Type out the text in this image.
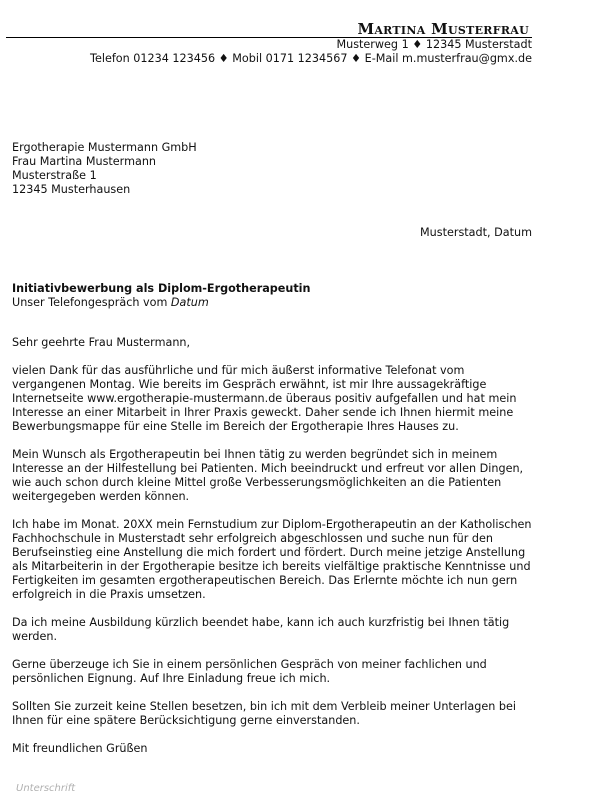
Martina Musterfrau
Musterweg 1 ♦ 12345 Musterstadt
Telefon 01234 123456 ♦ Mobil 0171 1234567 ♦ E-Mail m.musterfrau@gmx.de
Ergotherapie Mustermann GmbH
Frau Martina Mustermann
Musterstraße 1
12345 Musterhausen
Musterstadt, Datum
Initiativbewerbung als Diplom-Ergotherapeutin
Unser Telefongespräch vom Datum

Sehr geehrte Frau Mustermann,

vielen Dank für das ausführliche und für mich äußerst informative Telefonat vom vergangenen Montag. Wie bereits im Gespräch erwähnt, ist mir Ihre aussagekräftige Internetseite www.ergotherapie-mustermann.de überaus positiv aufgefallen und hat mein Interesse an einer Mitarbeit in Ihrer Praxis geweckt. Daher sende ich Ihnen hiermit meine Bewerbungsmappe für eine Stelle im Bereich der Ergotherapie Ihres Hauses zu.

Mein Wunsch als Ergotherapeutin bei Ihnen tätig zu werden begründet sich in meinem Interesse an der Hilfestellung bei Patienten. Mich beeindruckt und erfreut vor allen Dingen, wie auch schon durch kleine Mittel große Verbesserungsmöglichkeiten an die Patienten weitergegeben werden können.

Ich habe im Monat. 20XX mein Fernstudium zur Diplom-Ergotherapeutin an der Katholischen Fachhochschule in Musterstadt sehr erfolgreich abgeschlossen und suche nun für den Berufseinstieg eine Anstellung die mich fordert und fördert. Durch meine jetzige Anstellung als Mitarbeiterin in der Ergotherapie besitze ich bereits vielfältige praktische Kenntnisse und Fertigkeiten im gesamten ergotherapeutischen Bereich. Das Erlernte möchte ich nun gern erfolgreich in die Praxis umsetzen.

Da ich meine Ausbildung kürzlich beendet habe, kann ich auch kurzfristig bei Ihnen tätig werden.

Gerne überzeuge ich Sie in einem persönlichen Gespräch von meiner fachlichen und persönlichen Eignung. Auf Ihre Einladung freue ich mich.

Sollten Sie zurzeit keine Stellen besetzen, bin ich mit dem Verbleib meiner Unterlagen bei Ihnen für eine spätere Berücksichtigung gerne einverstanden.

Mit freundlichen Grüßen

Unterschrift
